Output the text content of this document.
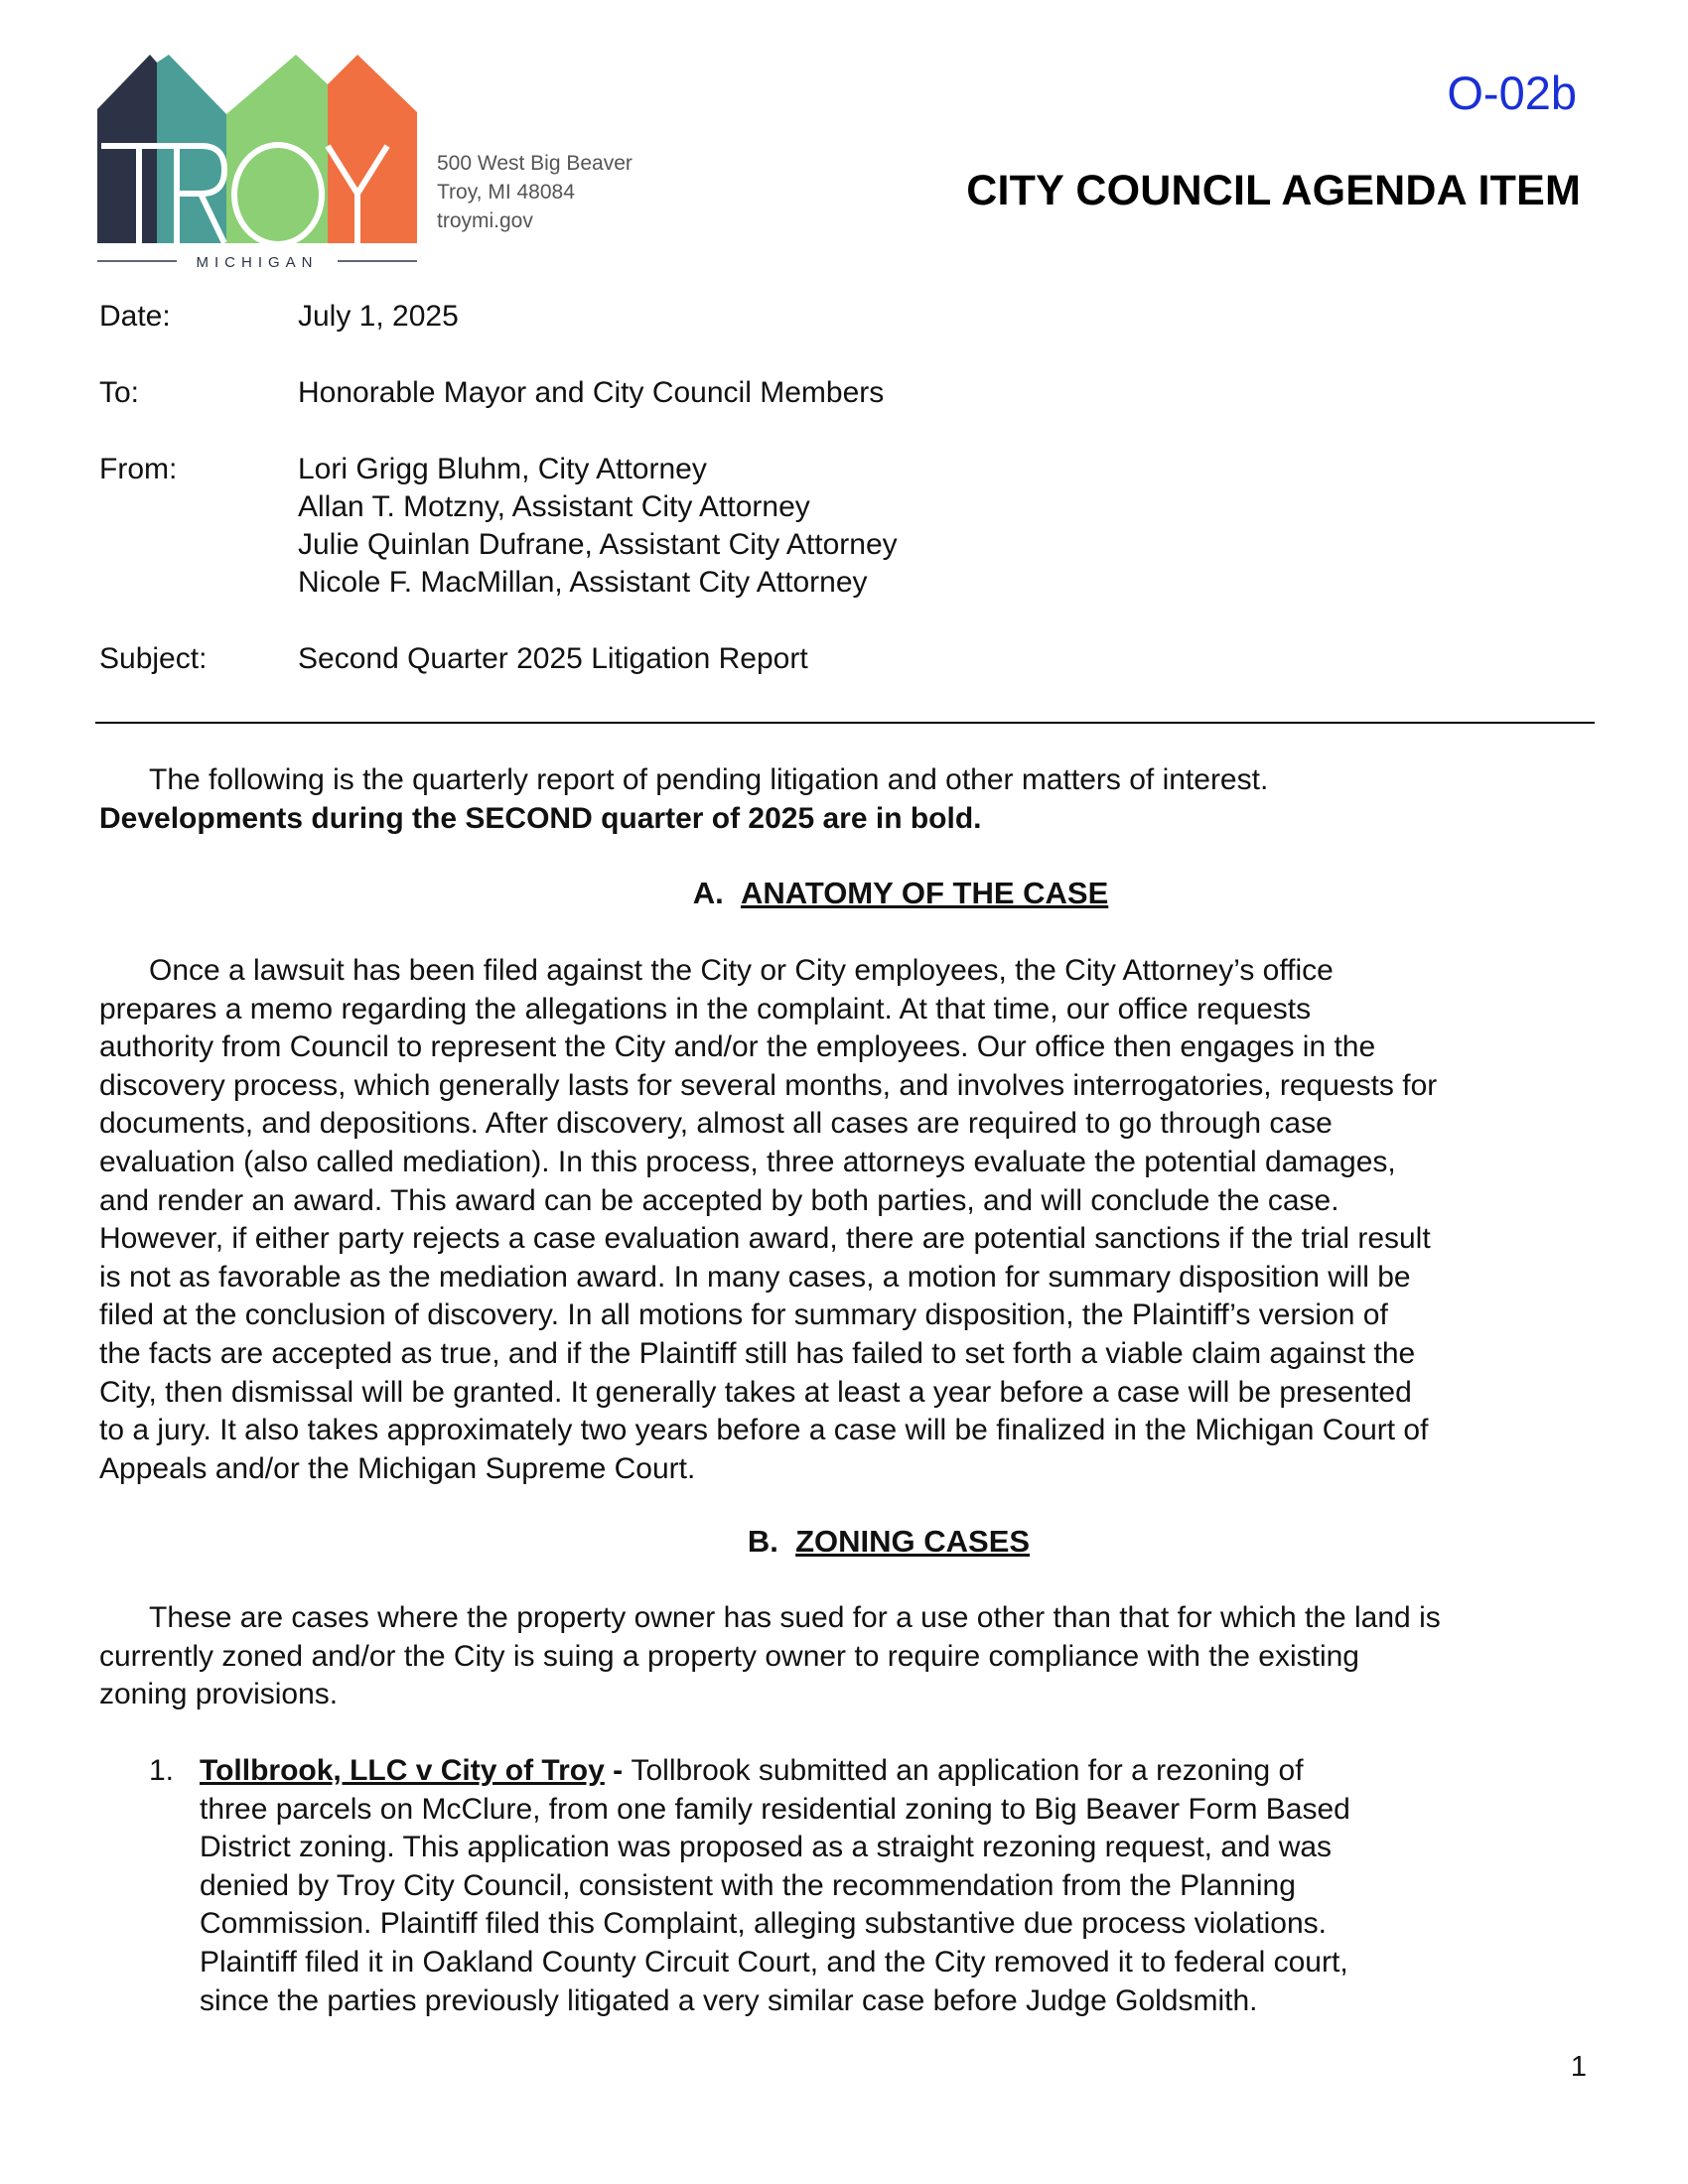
MICHIGAN
500 West Big Beaver
Troy, MI 48084
troymi.gov
O-02b
CITY COUNCIL AGENDA ITEM
Date:	July 1, 2025
To:	Honorable Mayor and City Council Members
From:	Lori Grigg Bluhm, City Attorney
Allan T. Motzny, Assistant City Attorney
Julie Quinlan Dufrane, Assistant City Attorney
Nicole F. MacMillan, Assistant City Attorney
Subject:	Second Quarter 2025 Litigation Report
The following is the quarterly report of pending litigation and other matters of interest.
Developments during the SECOND quarter of 2025 are in bold.
A. ANATOMY OF THE CASE
Once a lawsuit has been filed against the City or City employees, the City Attorney’s office
prepares a memo regarding the allegations in the complaint. At that time, our office requests
authority from Council to represent the City and/or the employees. Our office then engages in the
discovery process, which generally lasts for several months, and involves interrogatories, requests for
documents, and depositions. After discovery, almost all cases are required to go through case
evaluation (also called mediation). In this process, three attorneys evaluate the potential damages,
and render an award. This award can be accepted by both parties, and will conclude the case.
However, if either party rejects a case evaluation award, there are potential sanctions if the trial result
is not as favorable as the mediation award. In many cases, a motion for summary disposition will be
filed at the conclusion of discovery. In all motions for summary disposition, the Plaintiff’s version of
the facts are accepted as true, and if the Plaintiff still has failed to set forth a viable claim against the
City, then dismissal will be granted. It generally takes at least a year before a case will be presented
to a jury. It also takes approximately two years before a case will be finalized in the Michigan Court of
Appeals and/or the Michigan Supreme Court.
B. ZONING CASES
These are cases where the property owner has sued for a use other than that for which the land is
currently zoned and/or the City is suing a property owner to require compliance with the existing
zoning provisions.
1. Tollbrook, LLC v City of Troy - Tollbrook submitted an application for a rezoning of
three parcels on McClure, from one family residential zoning to Big Beaver Form Based
District zoning. This application was proposed as a straight rezoning request, and was
denied by Troy City Council, consistent with the recommendation from the Planning
Commission. Plaintiff filed this Complaint, alleging substantive due process violations.
Plaintiff filed it in Oakland County Circuit Court, and the City removed it to federal court,
since the parties previously litigated a very similar case before Judge Goldsmith.
1
